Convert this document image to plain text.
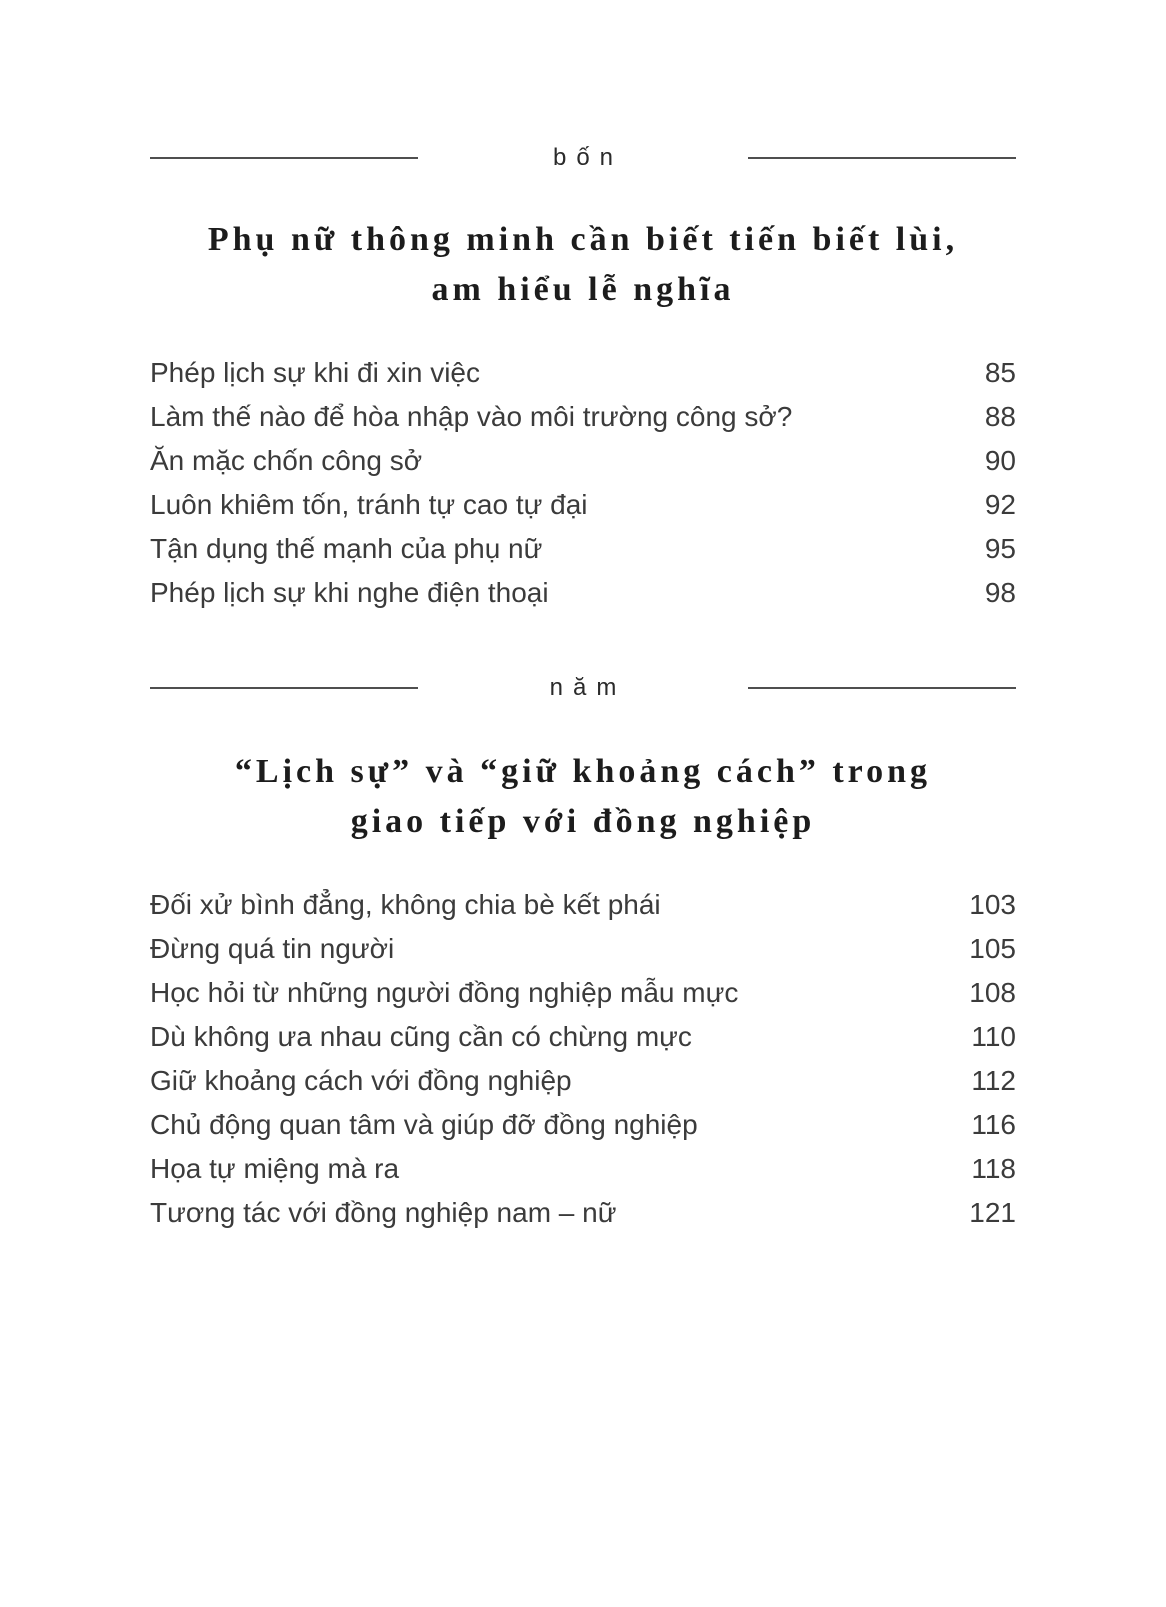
bốn
Phụ nữ thông minh cần biết tiến biết lùi,
am hiểu lễ nghĩa
Phép lịch sự khi đi xin việc	85
Làm thế nào để hòa nhập vào môi trường công sở?	88
Ăn mặc chốn công sở	90
Luôn khiêm tốn, tránh tự cao tự đại	92
Tận dụng thế mạnh của phụ nữ	95
Phép lịch sự khi nghe điện thoại	98
năm
“Lịch sự” và “giữ khoảng cách” trong
giao tiếp với đồng nghiệp
Đối xử bình đẳng, không chia bè kết phái	103
Đừng quá tin người	105
Học hỏi từ những người đồng nghiệp mẫu mực	108
Dù không ưa nhau cũng cần có chừng mực	110
Giữ khoảng cách với đồng nghiệp	112
Chủ động quan tâm và giúp đỡ đồng nghiệp	116
Họa tự miệng mà ra	118
Tương tác với đồng nghiệp nam – nữ	121
